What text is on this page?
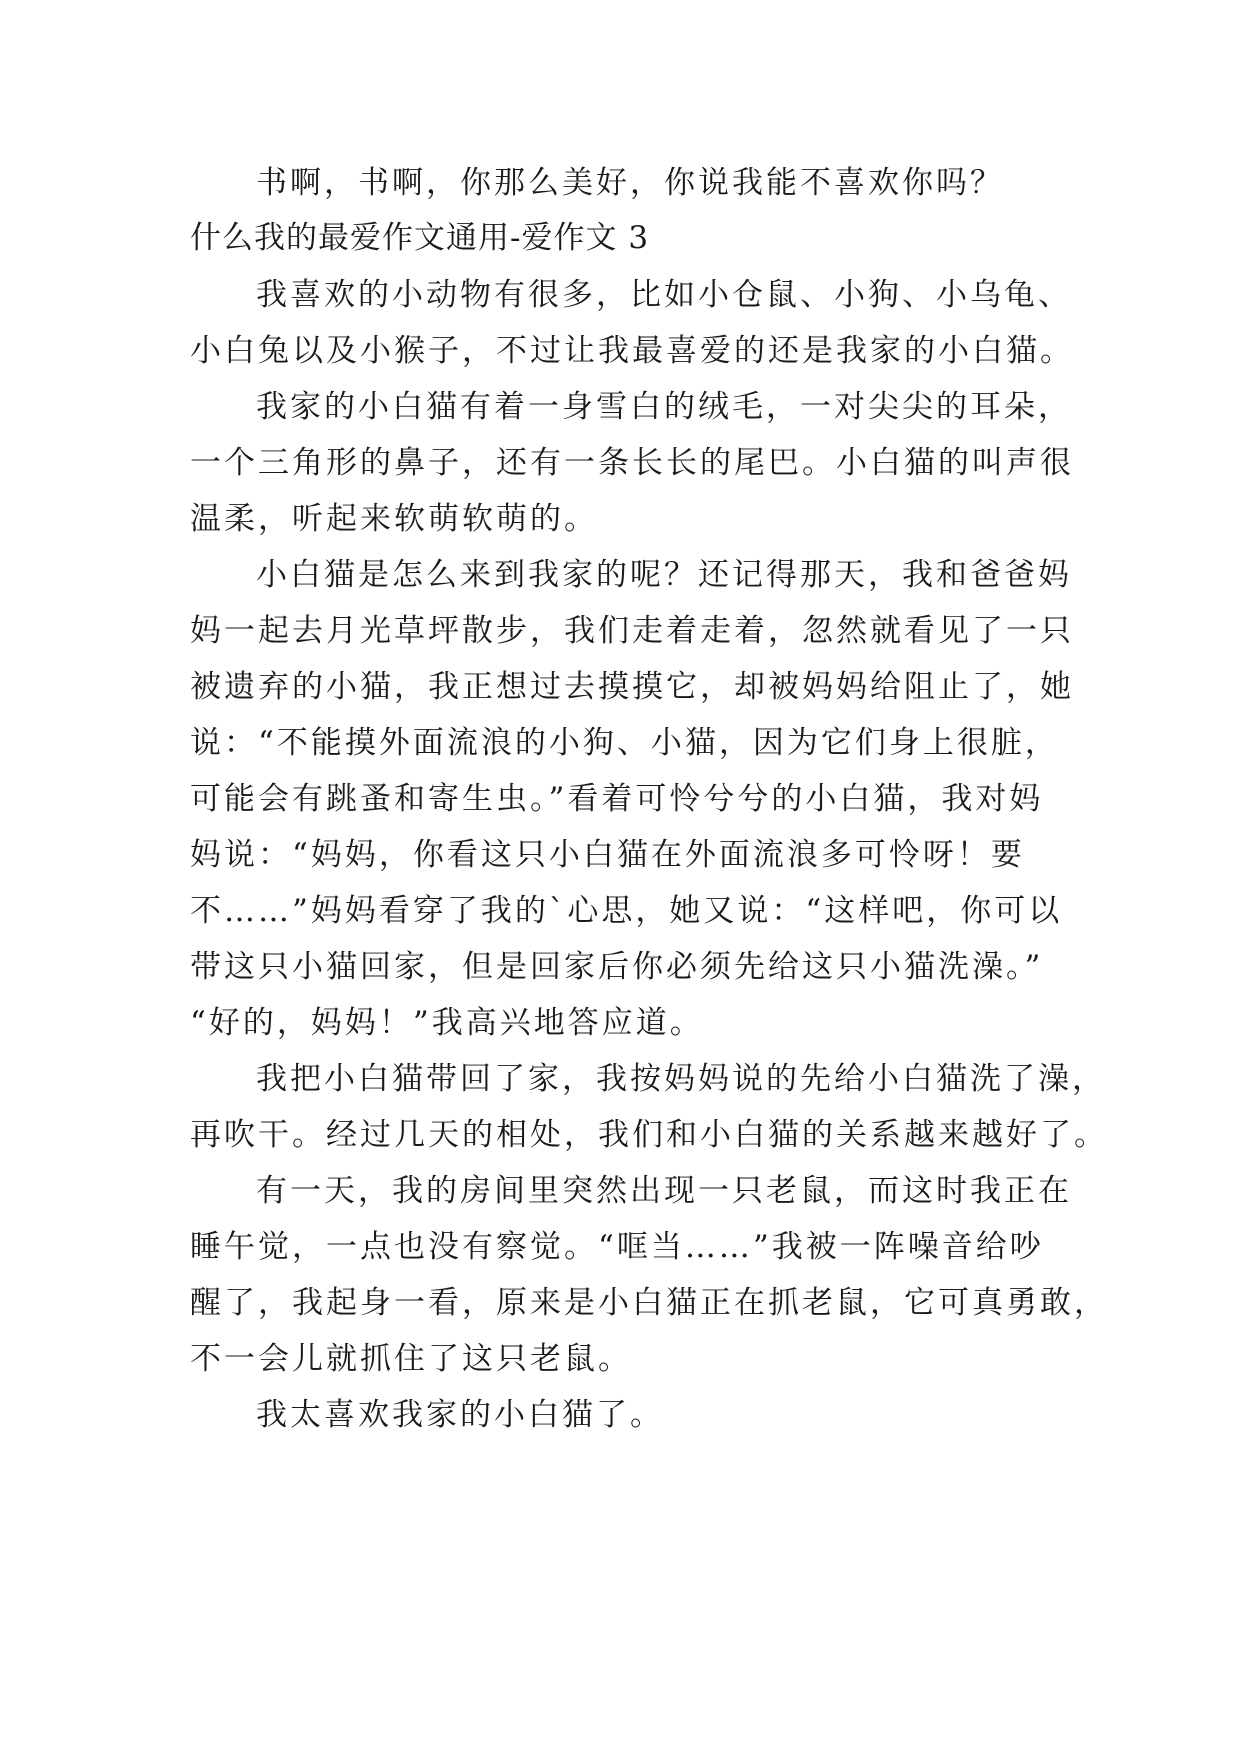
书啊，书啊，你那么美好，你说我能不喜欢你吗？
什么我的最爱作文通用-爱作文 3
我喜欢的小动物有很多，比如小仓鼠、小狗、小乌龟、
小白兔以及小猴子，不过让我最喜爱的还是我家的小白猫。
我家的小白猫有着一身雪白的绒毛，一对尖尖的耳朵，
一个三角形的鼻子，还有一条长长的尾巴。小白猫的叫声很
温柔，听起来软萌软萌的。
小白猫是怎么来到我家的呢？还记得那天，我和爸爸妈
妈一起去月光草坪散步，我们走着走着，忽然就看见了一只
被遗弃的小猫，我正想过去摸摸它，却被妈妈给阻止了，她
说：“不能摸外面流浪的小狗、小猫，因为它们身上很脏，
可能会有跳蚤和寄生虫。”看着可怜兮兮的小白猫，我对妈
妈说：“妈妈，你看这只小白猫在外面流浪多可怜呀！要
不……”妈妈看穿了我的`心思，她又说：“这样吧，你可以
带这只小猫回家，但是回家后你必须先给这只小猫洗澡。”
“好的，妈妈！”我高兴地答应道。
我把小白猫带回了家，我按妈妈说的先给小白猫洗了澡，
再吹干。经过几天的相处，我们和小白猫的关系越来越好了。
有一天，我的房间里突然出现一只老鼠，而这时我正在
睡午觉，一点也没有察觉。“哐当……”我被一阵噪音给吵
醒了，我起身一看，原来是小白猫正在抓老鼠，它可真勇敢，
不一会儿就抓住了这只老鼠。
我太喜欢我家的小白猫了。
